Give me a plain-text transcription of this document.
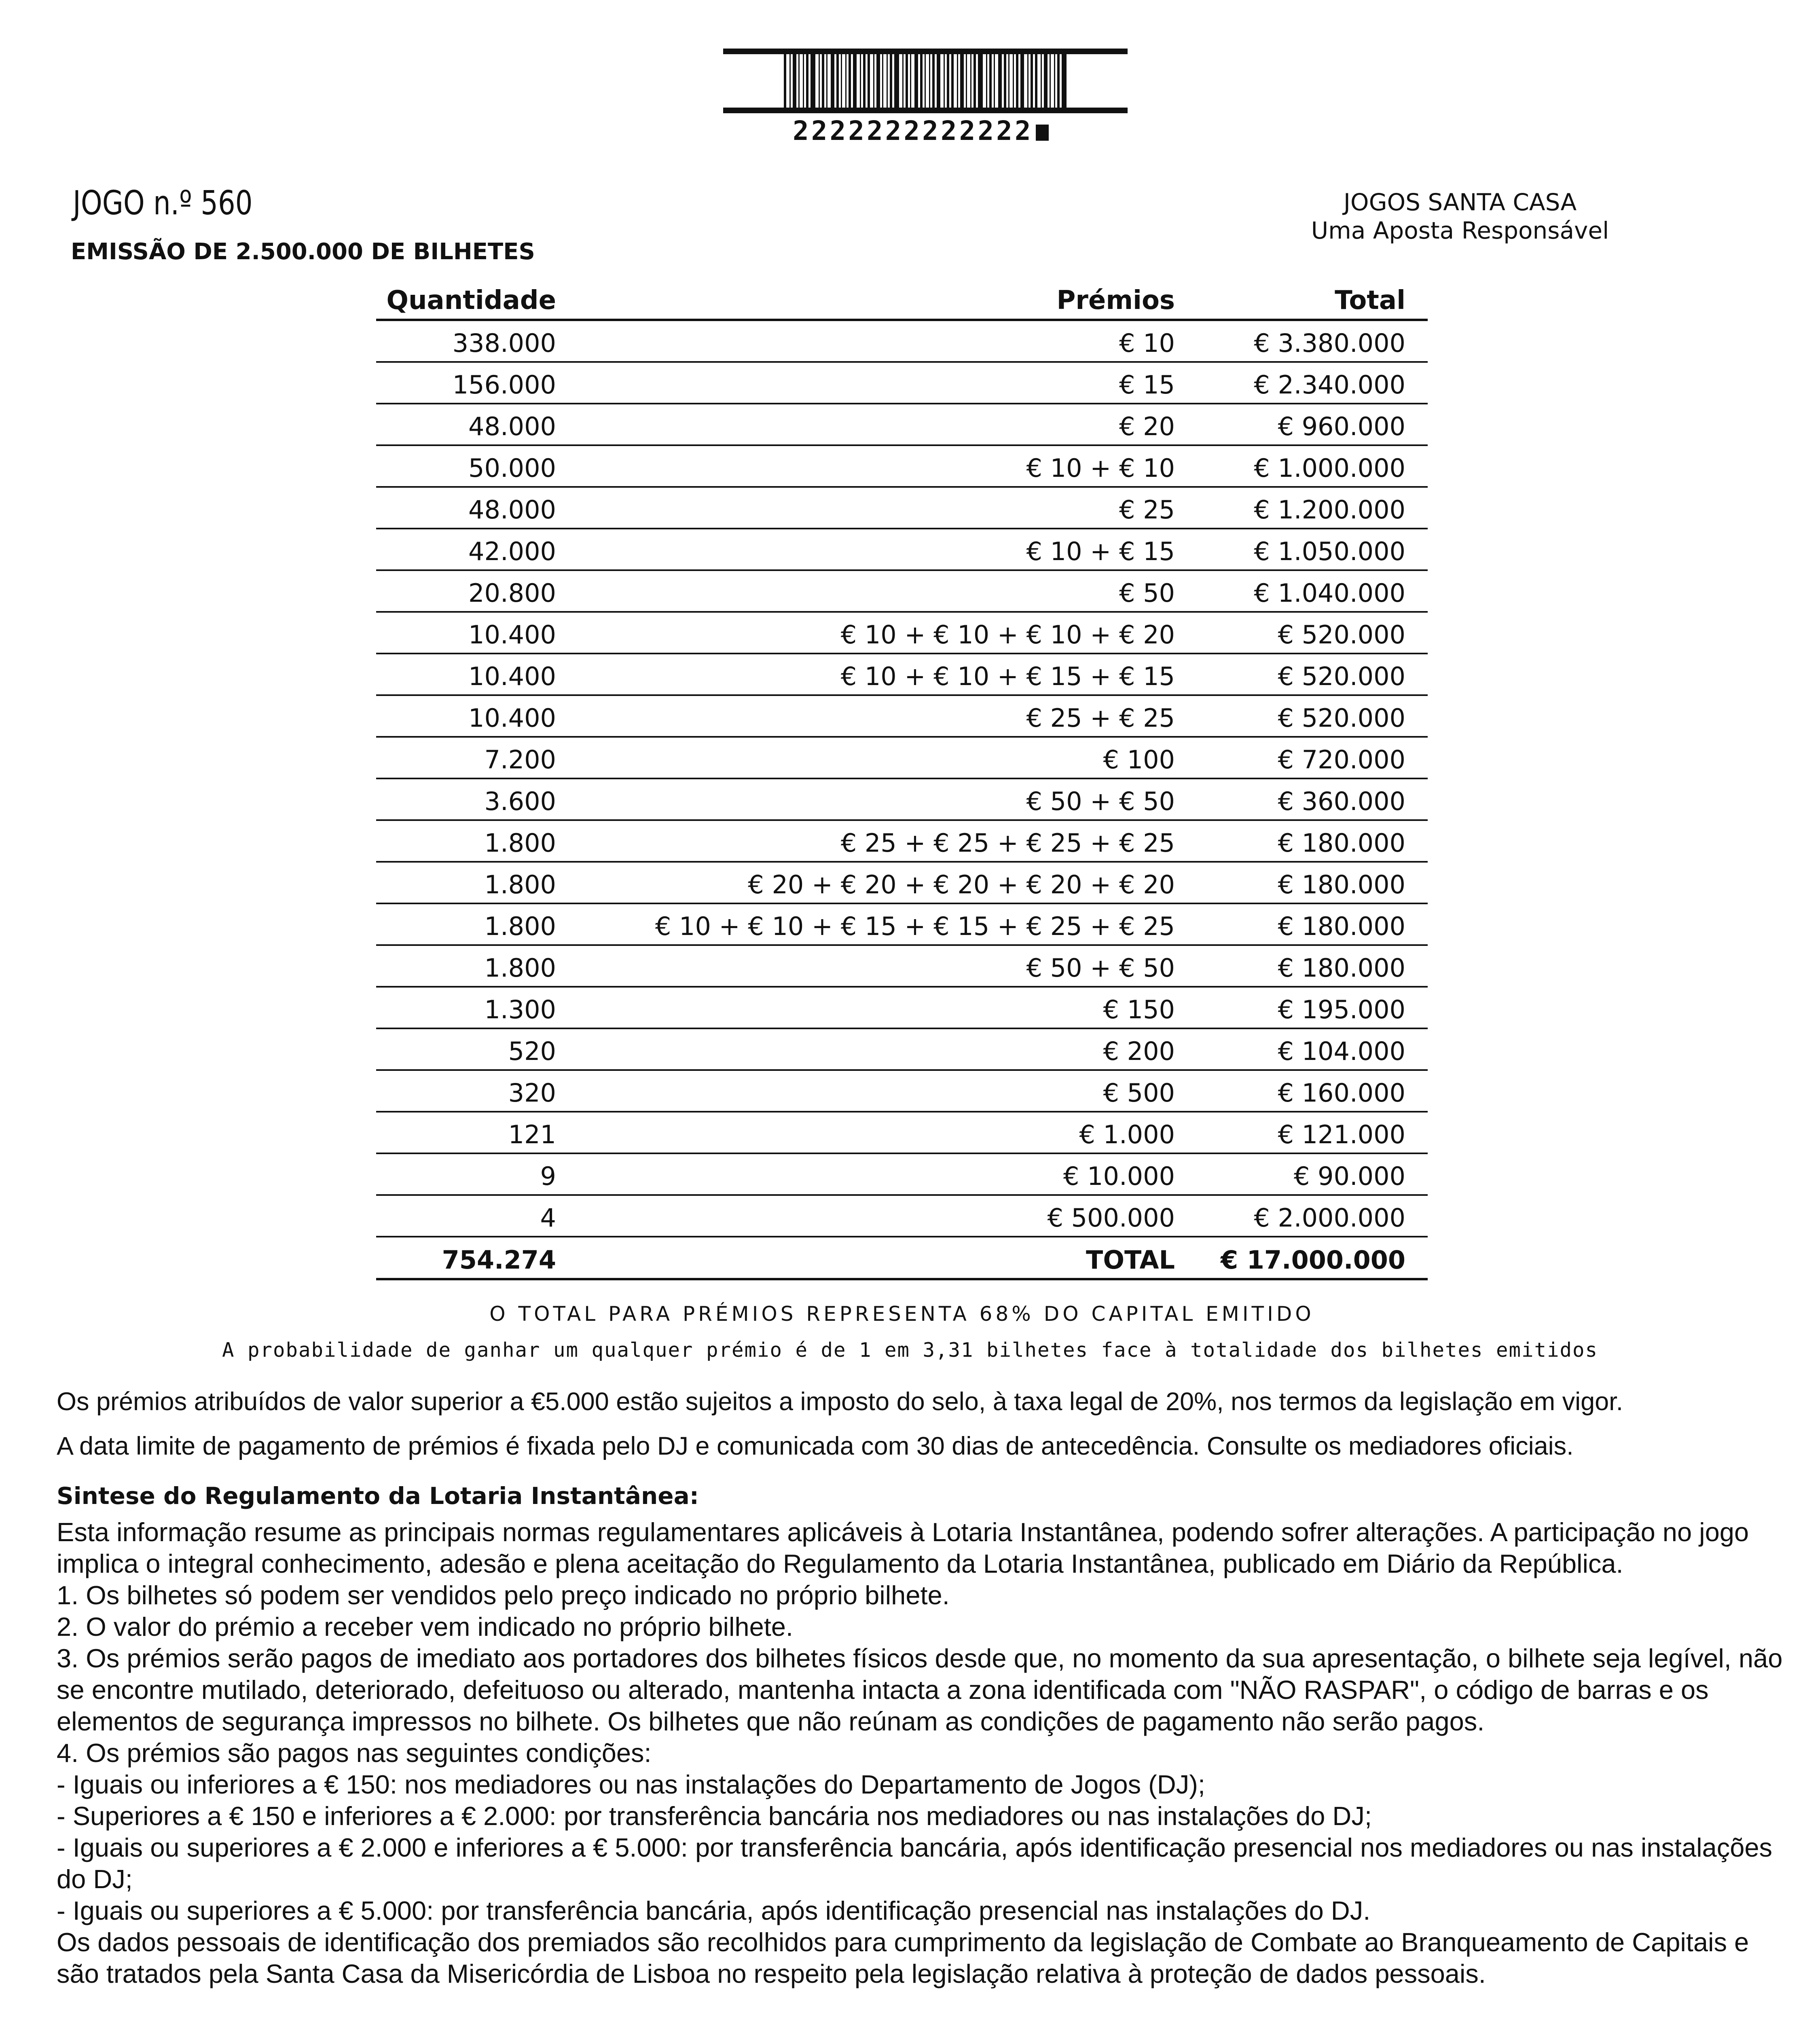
2222222222222
JOGO n.º 560
EMISSÃO DE 2.500.000 DE BILHETES
JOGOS SANTA CASA
Uma Aposta Responsável
Quantidade	Prémios	Total
338.000	€ 10	€ 3.380.000
156.000	€ 15	€ 2.340.000
48.000	€ 20	€ 960.000
50.000	€ 10 + € 10	€ 1.000.000
48.000	€ 25	€ 1.200.000
42.000	€ 10 + € 15	€ 1.050.000
20.800	€ 50	€ 1.040.000
10.400	€ 10 + € 10 + € 10 + € 20	€ 520.000
10.400	€ 10 + € 10 + € 15 + € 15	€ 520.000
10.400	€ 25 + € 25	€ 520.000
7.200	€ 100	€ 720.000
3.600	€ 50 + € 50	€ 360.000
1.800	€ 25 + € 25 + € 25 + € 25	€ 180.000
1.800	€ 20 + € 20 + € 20 + € 20 + € 20	€ 180.000
1.800	€ 10 + € 10 + € 15 + € 15 + € 25 + € 25	€ 180.000
1.800	€ 50 + € 50	€ 180.000
1.300	€ 150	€ 195.000
520	€ 200	€ 104.000
320	€ 500	€ 160.000
121	€ 1.000	€ 121.000
9	€ 10.000	€ 90.000
4	€ 500.000	€ 2.000.000
754.274	TOTAL € 17.000.000
O TOTAL PARA PRÉMIOS REPRESENTA 68% DO CAPITAL EMITIDO
A probabilidade de ganhar um qualquer prémio é de 1 em 3,31 bilhetes face à totalidade dos bilhetes emitidos
Os prémios atribuídos de valor superior a €5.000 estão sujeitos a imposto do selo, à taxa legal de 20%, nos termos da legislação em vigor.
A data limite de pagamento de prémios é fixada pelo DJ e comunicada com 30 dias de antecedência. Consulte os mediadores oficiais.
Sintese do Regulamento da Lotaria Instantânea:

Esta informação resume as principais normas regulamentares aplicáveis à Lotaria Instantânea, podendo sofrer alterações. A participação no jogo implica o integral conhecimento, adesão e plena aceitação do Regulamento da Lotaria Instantânea, publicado em Diário da República.

1. Os bilhetes só podem ser vendidos pelo preço indicado no próprio bilhete.

2. O valor do prémio a receber vem indicado no próprio bilhete.

3. Os prémios serão pagos de imediato aos portadores dos bilhetes físicos desde que, no momento da sua apresentação, o bilhete seja legível, não se encontre mutilado, deteriorado, defeituoso ou alterado, mantenha intacta a zona identificada com "NÃO RASPAR", o código de barras e os elementos de segurança impressos no bilhete. Os bilhetes que não reúnam as condições de pagamento não serão pagos.

4. Os prémios são pagos nas seguintes condições:

- Iguais ou inferiores a € 150: nos mediadores ou nas instalações do Departamento de Jogos (DJ);

- Superiores a € 150 e inferiores a € 2.000: por transferência bancária nos mediadores ou nas instalações do DJ;

- Iguais ou superiores a € 2.000 e inferiores a € 5.000: por transferência bancária, após identificação presencial nos mediadores ou nas instalações do DJ;

- Iguais ou superiores a € 5.000: por transferência bancária, após identificação presencial nas instalações do DJ.

Os dados pessoais de identificação dos premiados são recolhidos para cumprimento da legislação de Combate ao Branqueamento de Capitais e são tratados pela Santa Casa da Misericórdia de Lisboa no respeito pela legislação relativa à proteção de dados pessoais.
